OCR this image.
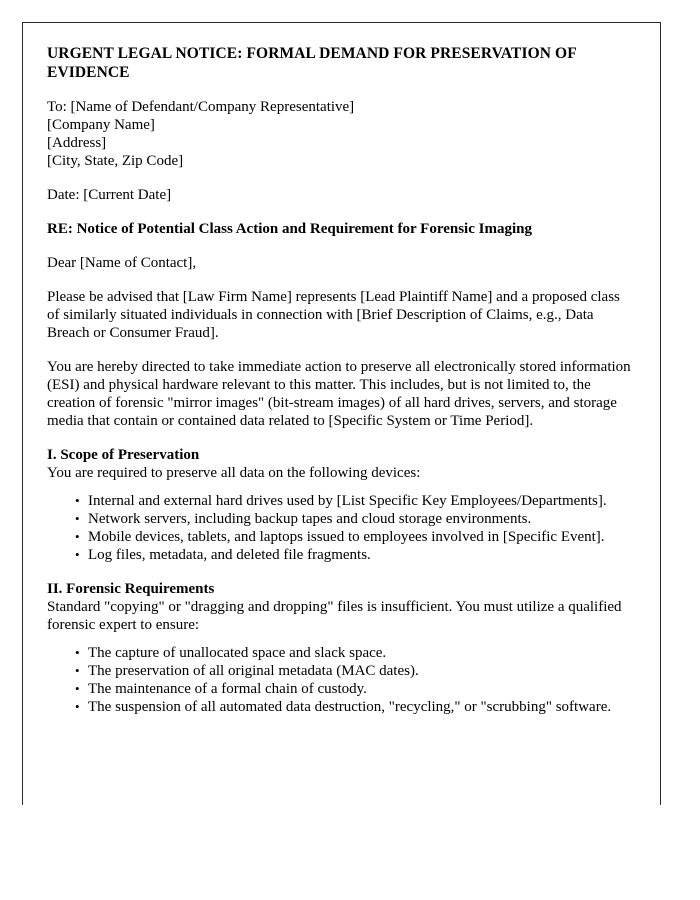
URGENT LEGAL NOTICE: FORMAL DEMAND FOR PRESERVATION OF EVIDENCE
To: [Name of Defendant/Company Representative]
[Company Name]
[Address]
[City, State, Zip Code]

Date: [Current Date]

RE: Notice of Potential Class Action and Requirement for Forensic Imaging

Dear [Name of Contact],

Please be advised that [Law Firm Name] represents [Lead Plaintiff Name] and a proposed class of similarly situated individuals in connection with [Brief Description of Claims, e.g., Data Breach or Consumer Fraud].

You are hereby directed to take immediate action to preserve all electronically stored information (ESI) and physical hardware relevant to this matter. This includes, but is not limited to, the creation of forensic "mirror images" (bit-stream images) of all hard drives, servers, and storage media that contain or contained data related to [Specific System or Time Period].

I. Scope of Preservation

You are required to preserve all data on the following devices:

• Internal and external hard drives used by [List Specific Key Employees/Departments].
• Network servers, including backup tapes and cloud storage environments.
• Mobile devices, tablets, and laptops issued to employees involved in [Specific Event].
• Log files, metadata, and deleted file fragments.
II. Forensic Requirements

Standard "copying" or "dragging and dropping" files is insufficient. You must utilize a qualified forensic expert to ensure:

• The capture of unallocated space and slack space.
• The preservation of all original metadata (MAC dates).
• The maintenance of a formal chain of custody.
• The suspension of all automated data destruction, "recycling," or "scrubbing" software.
